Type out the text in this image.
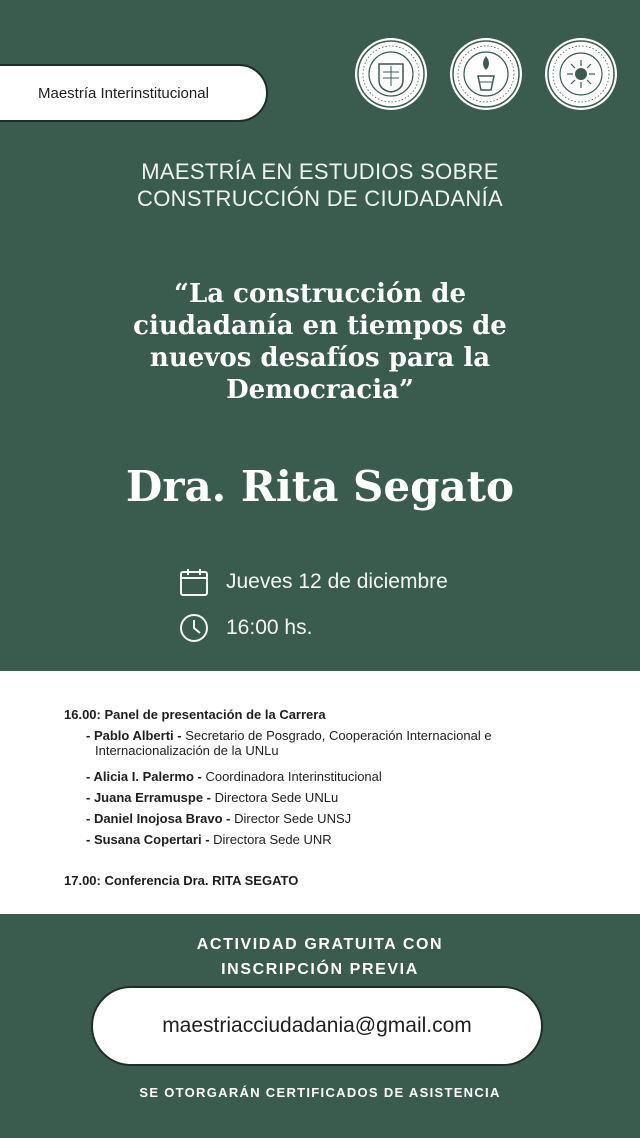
Maestría Interinstitucional
MAESTRÍA EN ESTUDIOS SOBRE
CONSTRUCCIÓN DE CIUDADANÍA
“La construcción de
ciudadanía en tiempos de
nuevos desafíos para la
Democracia”
Dra. Rita Segato
Jueves 12 de diciembre
16:00 hs.
16.00: Panel de presentación de la Carrera
- Pablo Alberti - Secretario de Posgrado, Cooperación Internacional e
Internacionalización de la UNLu
- Alicia I. Palermo - Coordinadora Interinstitucional
- Juana Erramuspe - Directora Sede UNLu
- Daniel Inojosa Bravo - Director Sede UNSJ
- Susana Copertari - Directora Sede UNR
17.00: Conferencia Dra. RITA SEGATO
ACTIVIDAD GRATUITA CON
INSCRIPCIÓN PREVIA
maestriacciudadania@gmail.com
SE OTORGARÁN CERTIFICADOS DE ASISTENCIA
